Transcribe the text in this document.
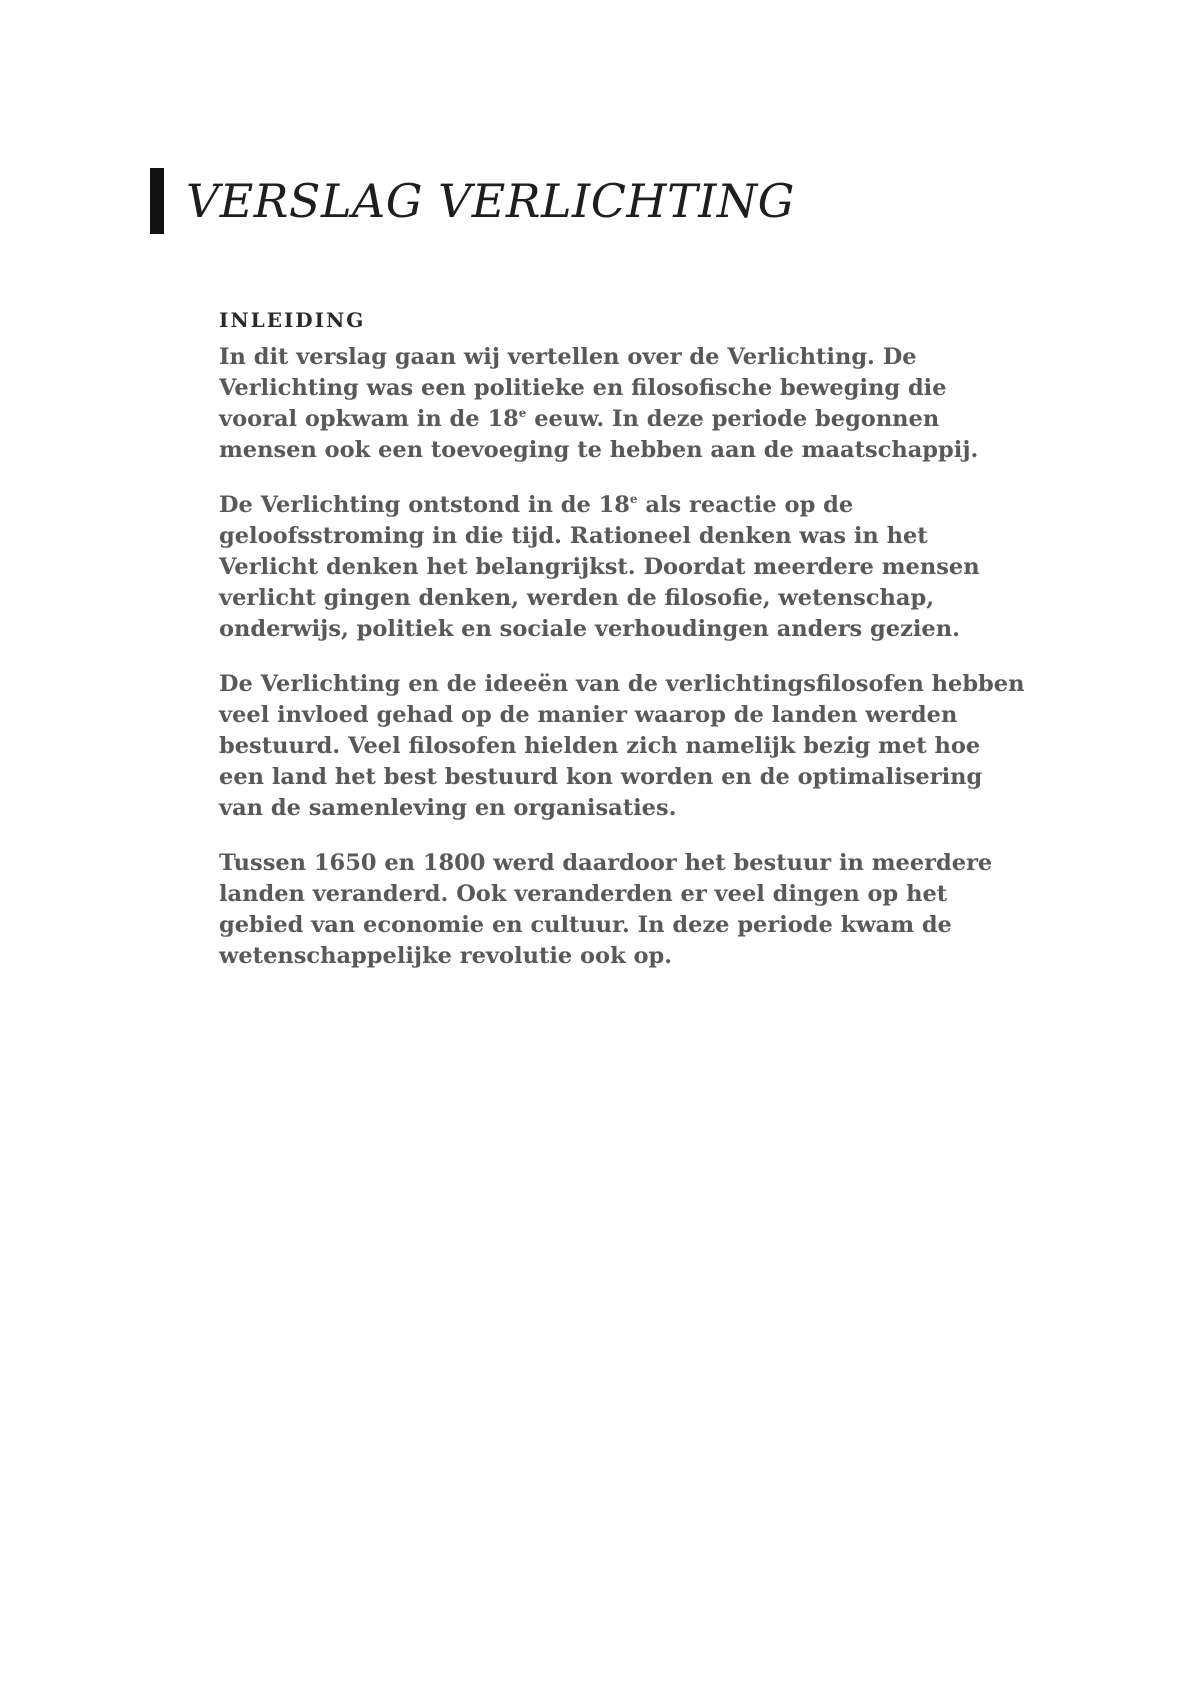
VERSLAG VERLICHTING
INLEIDING

In dit verslag gaan wij vertellen over de Verlichting. De Verlichting was een politieke en filosofische beweging die vooral opkwam in de 18e eeuw. In deze periode begonnen mensen ook een toevoeging te hebben aan de maatschappij.

De Verlichting ontstond in de 18e als reactie op de geloofsstroming in die tijd. Rationeel denken was in het Verlicht denken het belangrijkst. Doordat meerdere mensen verlicht gingen denken, werden de filosofie, wetenschap, onderwijs, politiek en sociale verhoudingen anders gezien.

De Verlichting en de ideeën van de verlichtingsfilosofen hebben veel invloed gehad op de manier waarop de landen werden bestuurd. Veel filosofen hielden zich namelijk bezig met hoe een land het best bestuurd kon worden en de optimalisering van de samenleving en organisaties.

Tussen 1650 en 1800 werd daardoor het bestuur in meerdere landen veranderd. Ook veranderden er veel dingen op het gebied van economie en cultuur. In deze periode kwam de wetenschappelijke revolutie ook op.
